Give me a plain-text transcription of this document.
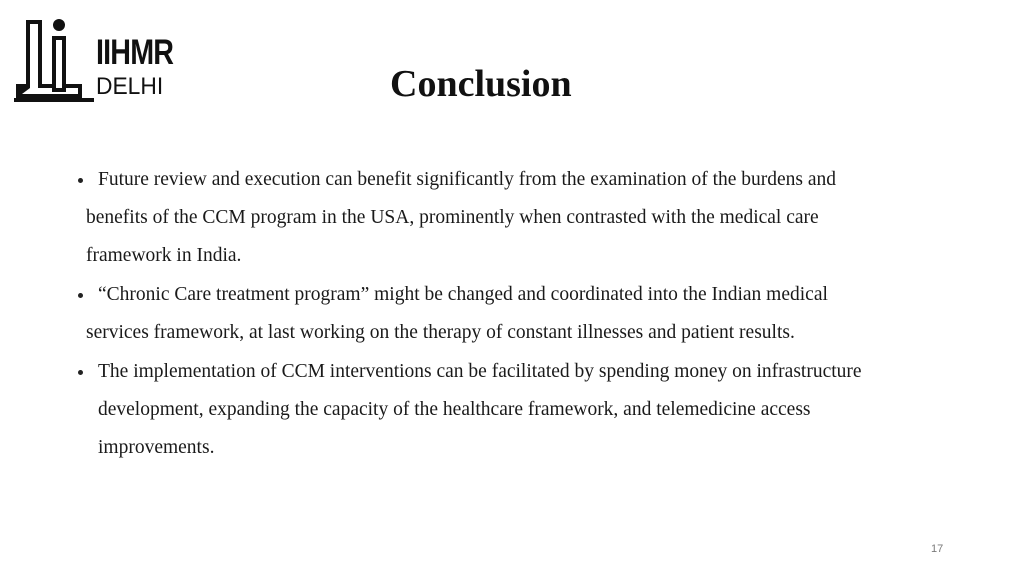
IIHMR
DELHI	Conclusion
Future review and execution can benefit significantly from the examination of the burdens and
benefits of the CCM program in the USA, prominently when contrasted with the medical care
framework in India.
“Chronic Care treatment program” might be changed and coordinated into the Indian medical
services framework, at last working on the therapy of constant illnesses and patient results.
The implementation of CCM interventions can be facilitated by spending money on infrastructure
development, expanding the capacity of the healthcare framework, and telemedicine access
improvements.
17
